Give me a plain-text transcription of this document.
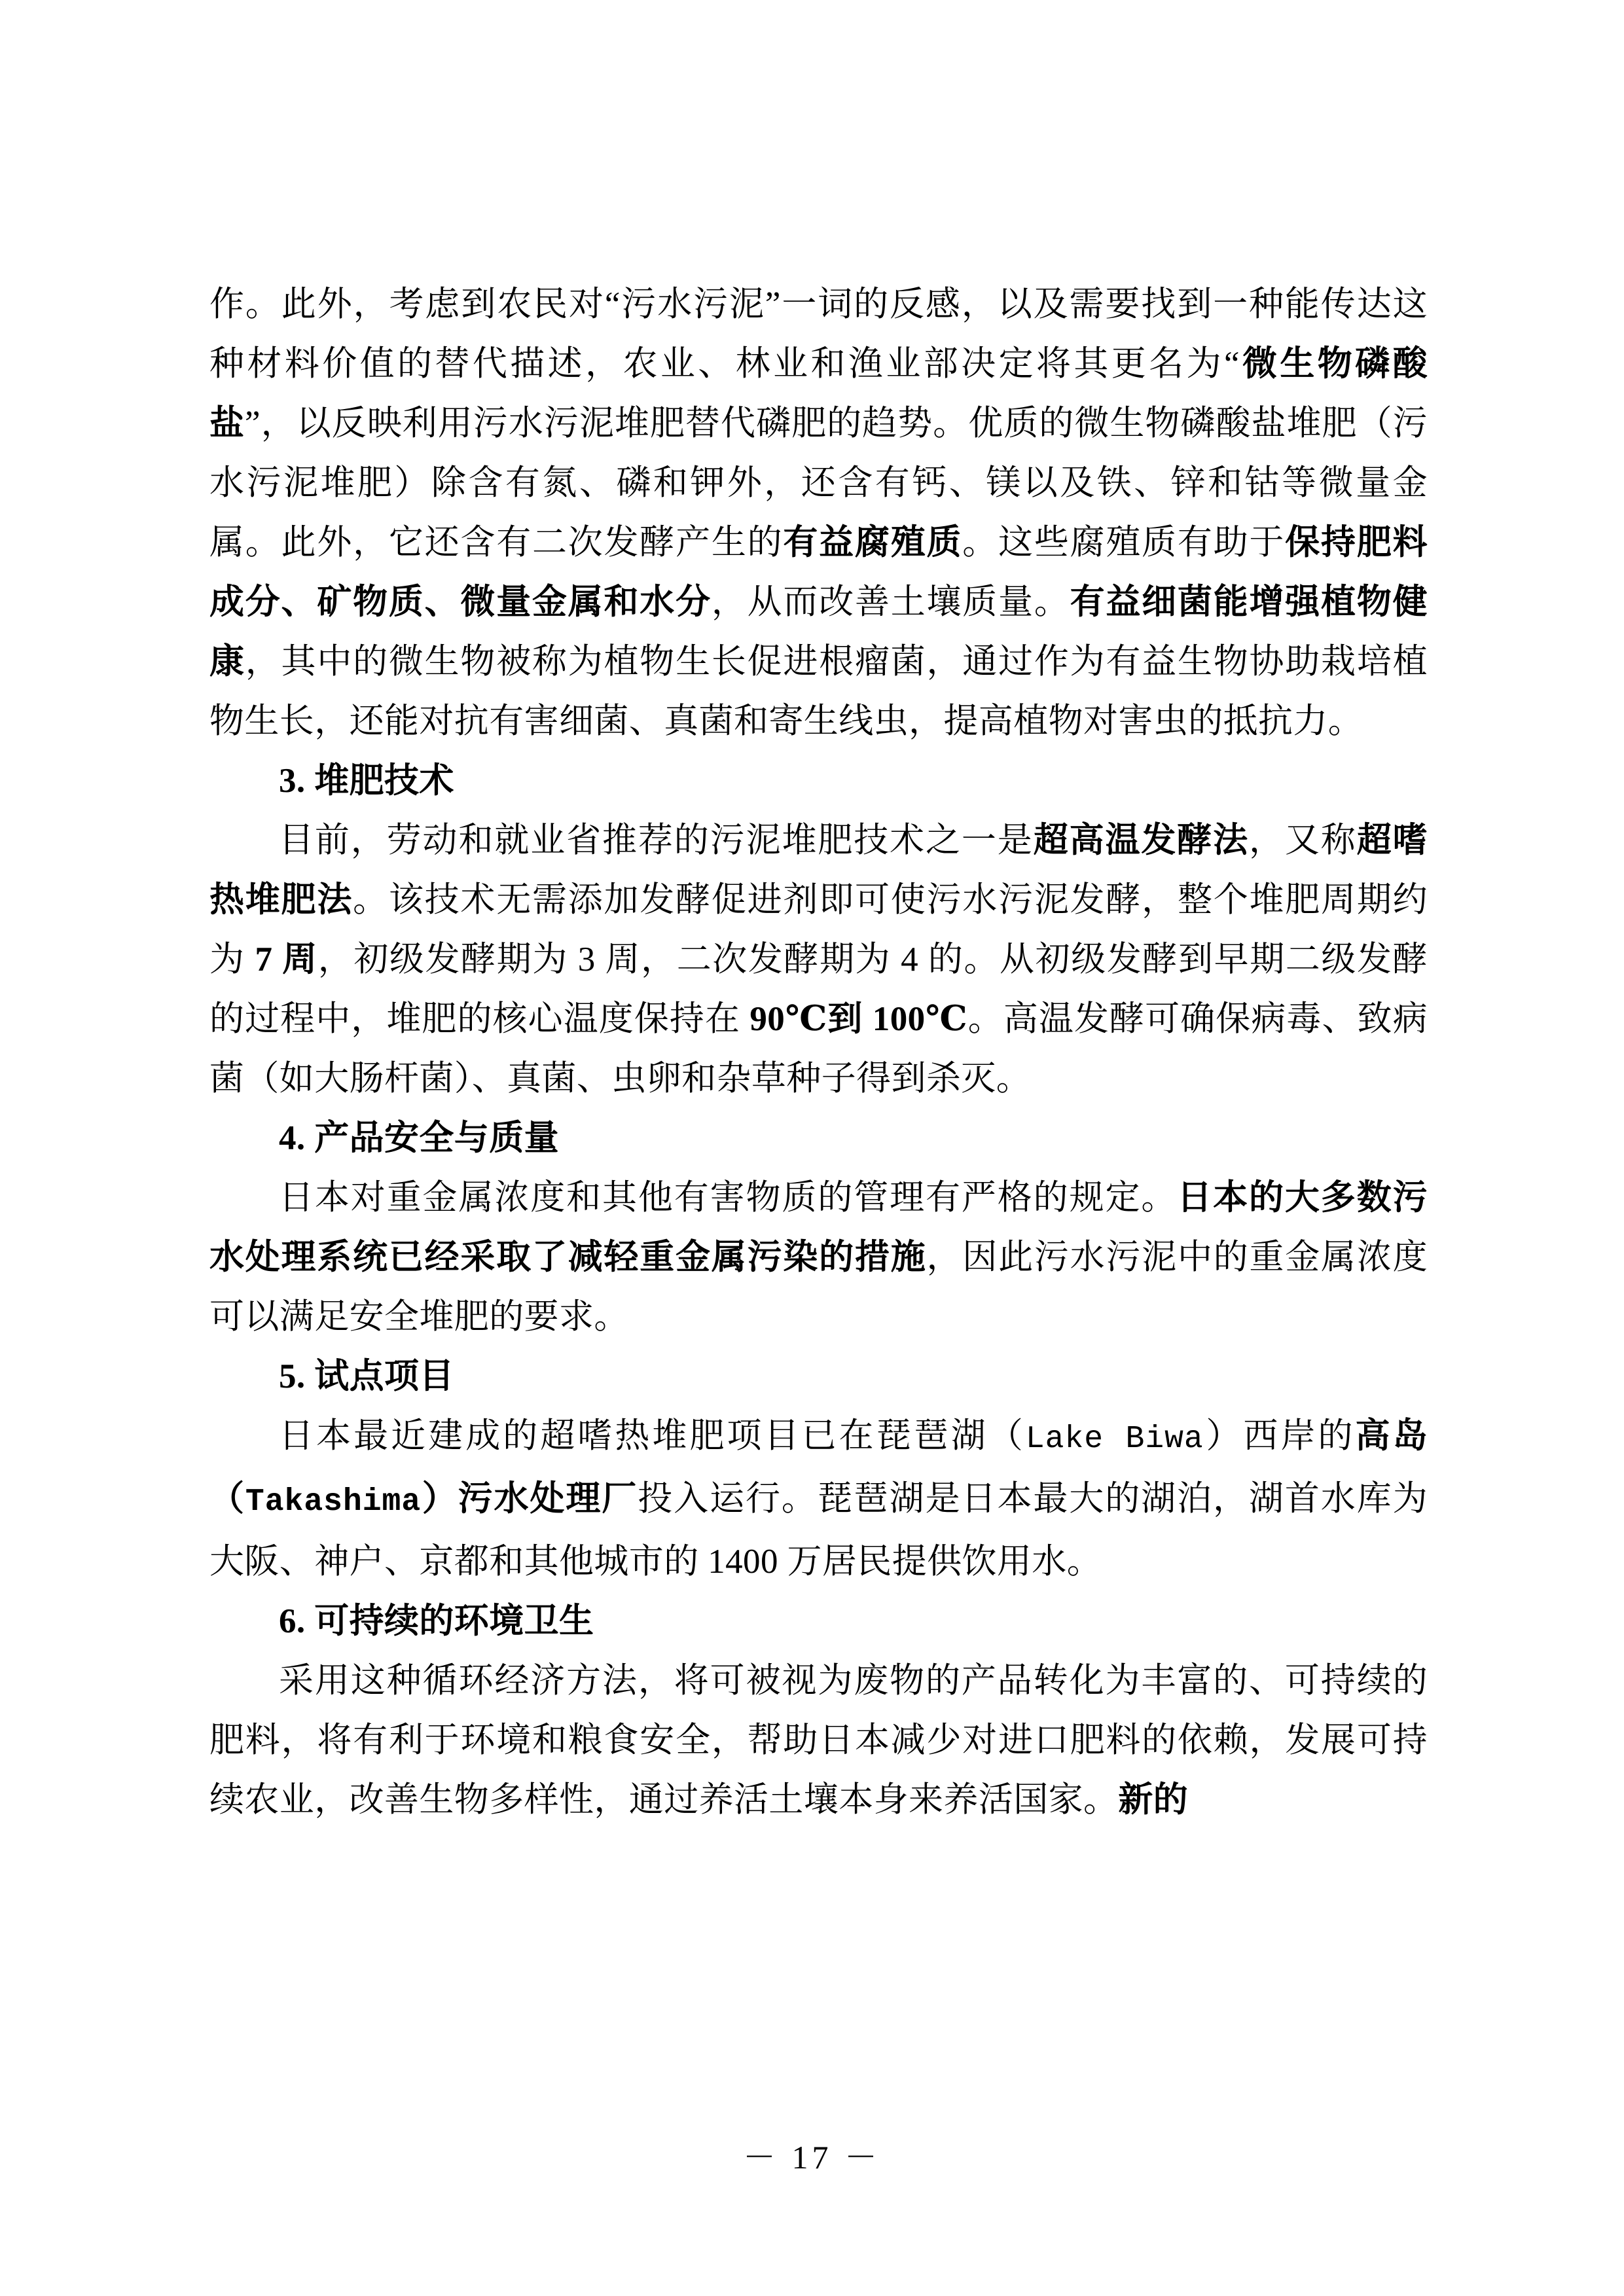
作。此外，考虑到农民对“污水污泥”一词的反感，以及需要找到一种能传达这种材料价值的替代描述，农业、林业和渔业部决定将其更名为“微生物磷酸盐”，以反映利用污水污泥堆肥替代磷肥的趋势。优质的微生物磷酸盐堆肥（污水污泥堆肥）除含有氮、磷和钾外，还含有钙、镁以及铁、锌和钴等微量金属。此外，它还含有二次发酵产生的有益腐殖质。这些腐殖质有助于保持肥料成分、矿物质、微量金属和水分，从而改善土壤质量。有益细菌能增强植物健康，其中的微生物被称为植物生长促进根瘤菌，通过作为有益生物协助栽培植物生长，还能对抗有害细菌、真菌和寄生线虫，提高植物对害虫的抵抗力。

3. 堆肥技术

目前，劳动和就业省推荐的污泥堆肥技术之一是超高温发酵法，又称超嗜热堆肥法。该技术无需添加发酵促进剂即可使污水污泥发酵，整个堆肥周期约为 7 周，初级发酵期为 3 周，二次发酵期为 4 的。从初级发酵到早期二级发酵的过程中，堆肥的核心温度保持在 90℃到 100℃。高温发酵可确保病毒、致病菌（如大肠杆菌）、真菌、虫卵和杂草种子得到杀灭。

4. 产品安全与质量

日本对重金属浓度和其他有害物质的管理有严格的规定。日本的大多数污水处理系统已经采取了减轻重金属污染的措施，因此污水污泥中的重金属浓度可以满足安全堆肥的要求。

5. 试点项目

日本最近建成的超嗜热堆肥项目已在琵琶湖（Lake Biwa）西岸的高岛（Takashima）污水处理厂投入运行。琵琶湖是日本最大的湖泊，湖首水库为大阪、神户、京都和其他城市的 1400 万居民提供饮用水。

6. 可持续的环境卫生

采用这种循环经济方法，将可被视为废物的产品转化为丰富的、可持续的肥料，将有利于环境和粮食安全，帮助日本减少对进口肥料的依赖，发展可持续农业，改善生物多样性，通过养活土壤本身来养活国家。新的

－ 17 －
